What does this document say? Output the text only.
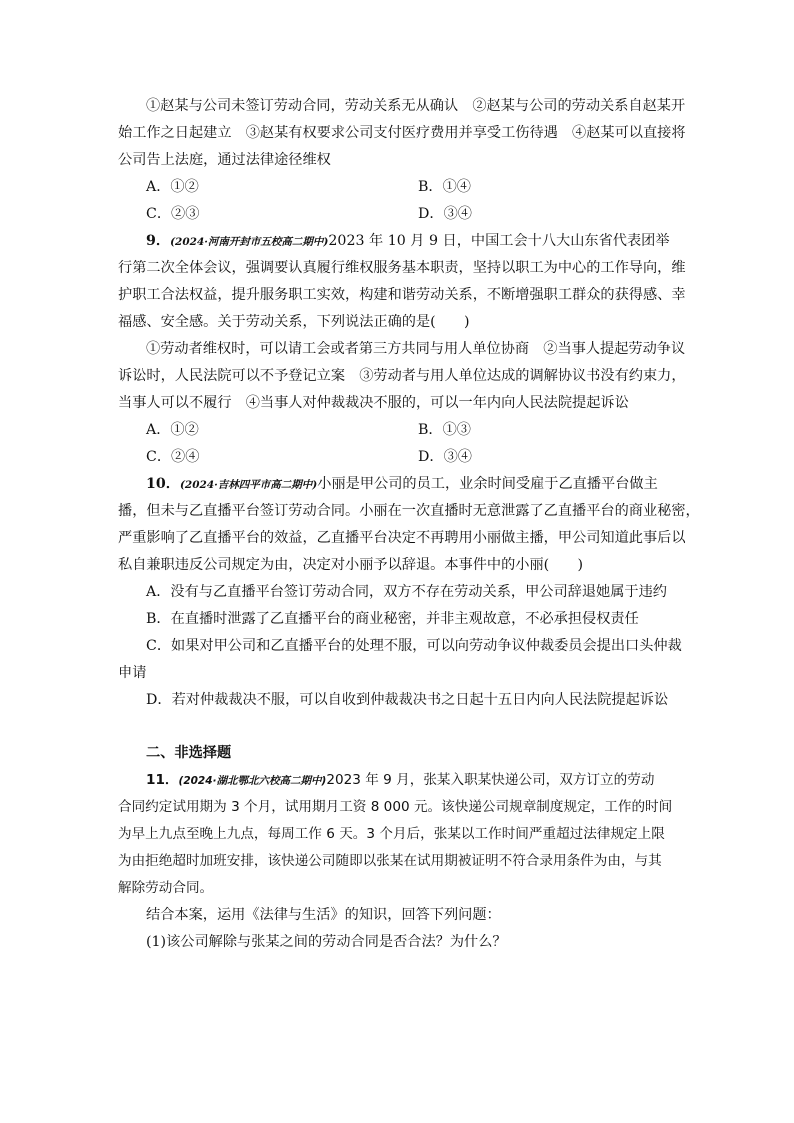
①赵某与公司未签订劳动合同，劳动关系无从确认　②赵某与公司的劳动关系自赵某开
始工作之日起建立　③赵某有权要求公司支付医疗费用并享受工伤待遇　④赵某可以直接将
公司告上法庭，通过法律途径维权
A．①②	B．①④
C．②③	D．③④
9．(2024·河南开封市五校高二期中)2023 年 10 月 9 日，中国工会十八大山东省代表团举
行第二次全体会议，强调要认真履行维权服务基本职责，坚持以职工为中心的工作导向，维
护职工合法权益，提升服务职工实效，构建和谐劳动关系，不断增强职工群众的获得感、幸
福感、安全感。关于劳动关系，下列说法正确的是(　　)
①劳动者维权时，可以请工会或者第三方共同与用人单位协商　②当事人提起劳动争议
诉讼时，人民法院可以不予登记立案　③劳动者与用人单位达成的调解协议书没有约束力，
当事人可以不履行　④当事人对仲裁裁决不服的，可以一年内向人民法院提起诉讼
A．①②	B．①③
C．②④	D．③④
10．(2024·吉林四平市高二期中)小丽是甲公司的员工，业余时间受雇于乙直播平台做主
播，但未与乙直播平台签订劳动合同。小丽在一次直播时无意泄露了乙直播平台的商业秘密，
严重影响了乙直播平台的效益，乙直播平台决定不再聘用小丽做主播，甲公司知道此事后以
私自兼职违反公司规定为由，决定对小丽予以辞退。本事件中的小丽(　　)
A．没有与乙直播平台签订劳动合同，双方不存在劳动关系，甲公司辞退她属于违约
B．在直播时泄露了乙直播平台的商业秘密，并非主观故意，不必承担侵权责任
C．如果对甲公司和乙直播平台的处理不服，可以向劳动争议仲裁委员会提出口头仲裁
申请
D．若对仲裁裁决不服，可以自收到仲裁裁决书之日起十五日内向人民法院提起诉讼
二、非选择题
11．(2024·湖北鄂北六校高二期中)2023 年 9 月，张某入职某快递公司，双方订立的劳动
合同约定试用期为 3 个月，试用期月工资 8 000 元。该快递公司规章制度规定，工作的时间
为早上九点至晚上九点，每周工作 6 天。3 个月后，张某以工作时间严重超过法律规定上限
为由拒绝超时加班安排，该快递公司随即以张某在试用期被证明不符合录用条件为由，与其
解除劳动合同。
结合本案，运用《法律与生活》的知识，回答下列问题：
(1)该公司解除与张某之间的劳动合同是否合法？为什么？
